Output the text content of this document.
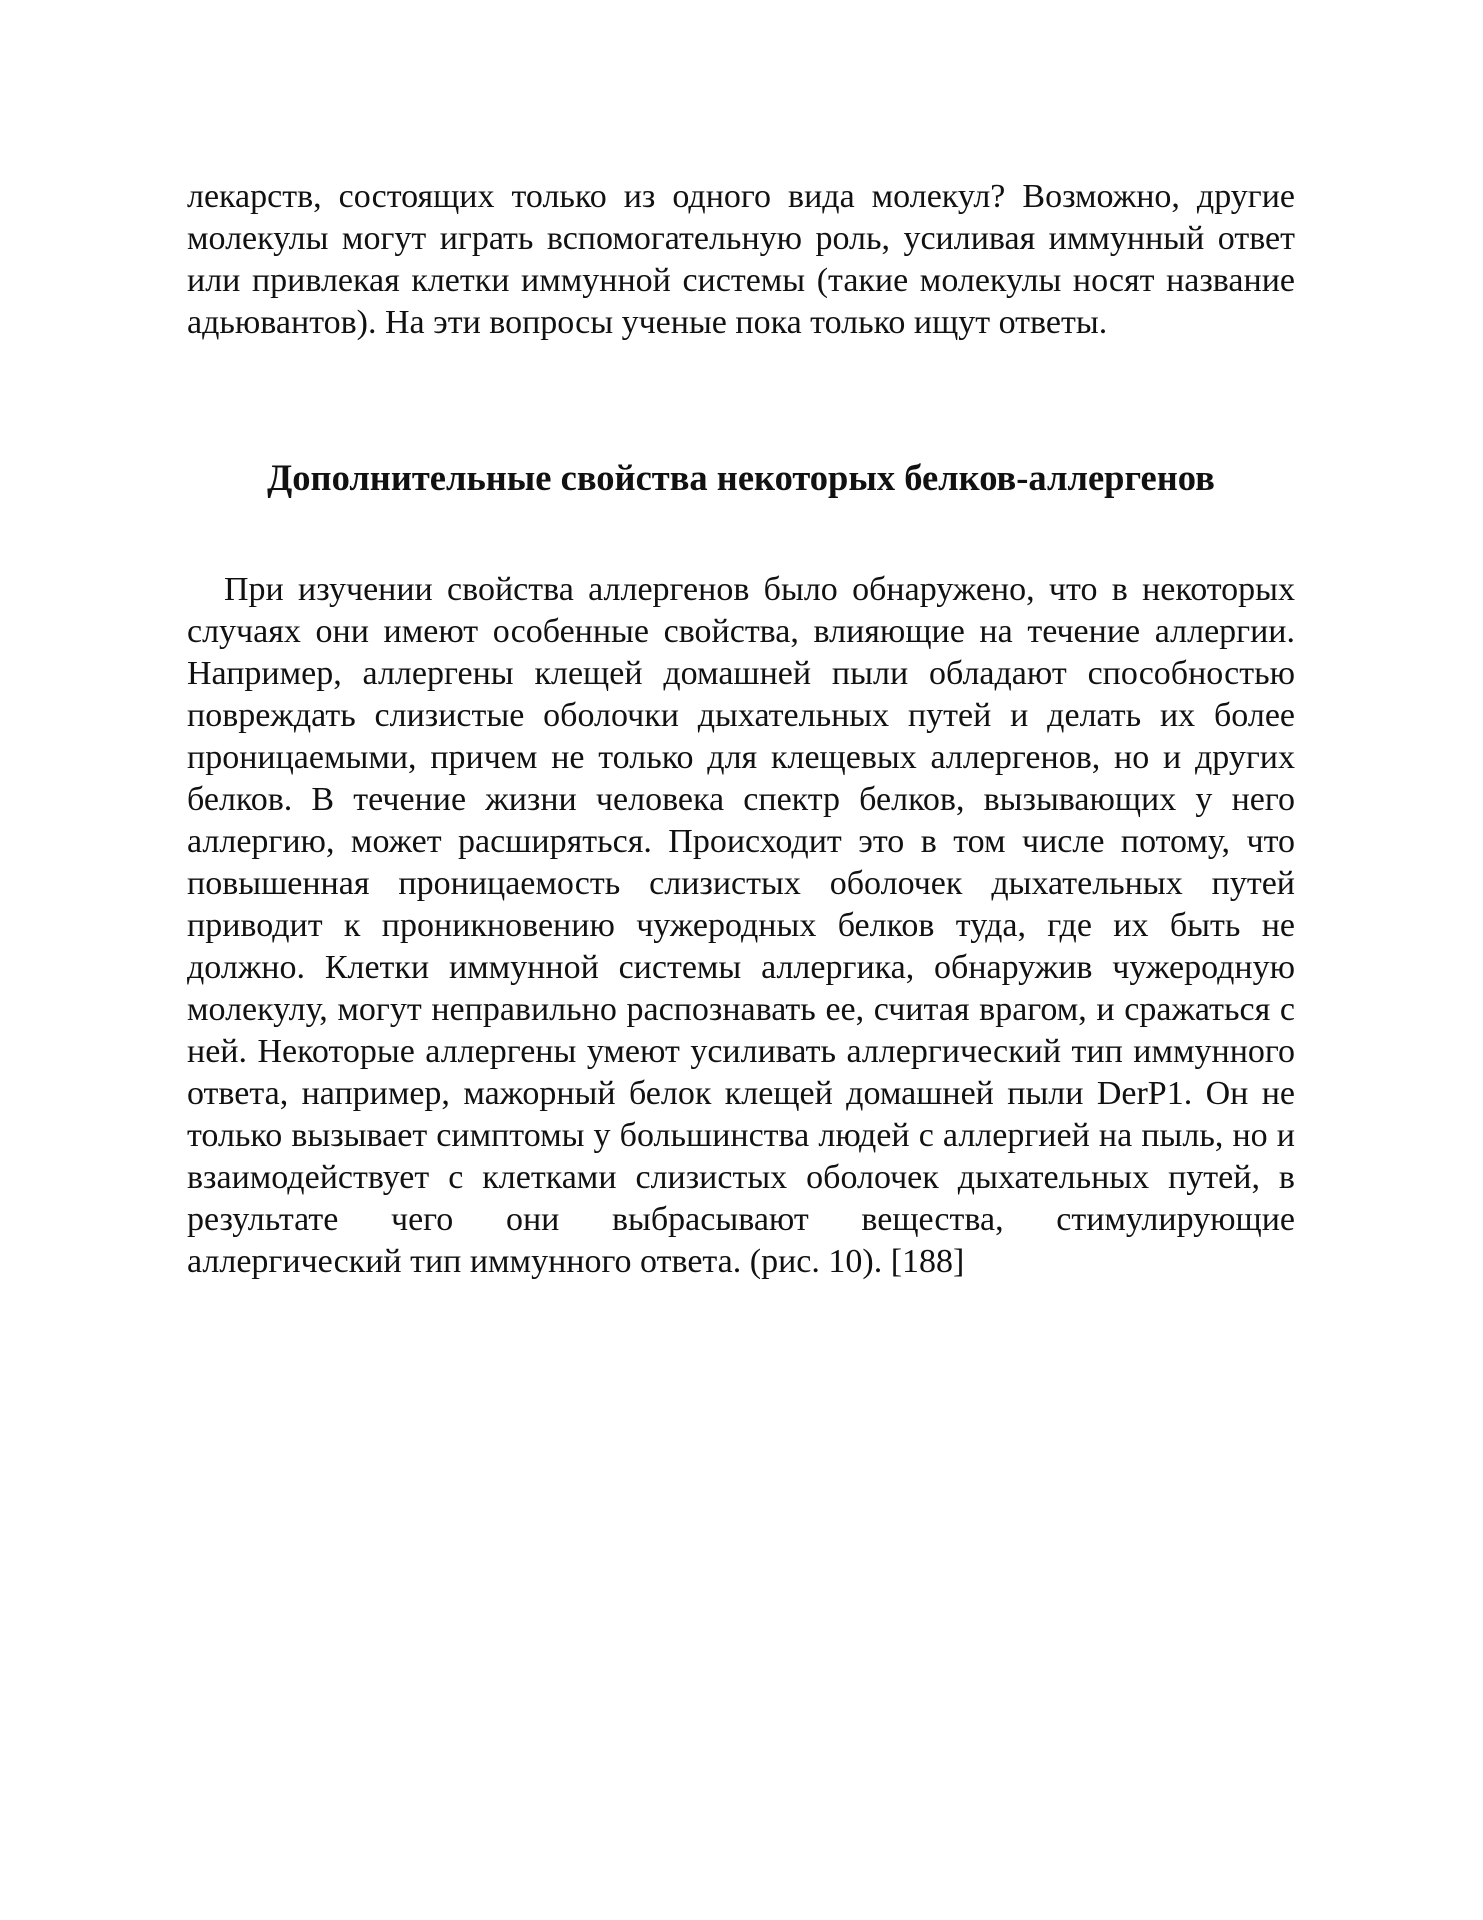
лекарств, состоящих только из одного вида молекул? Возможно, другие молекулы могут играть вспомогательную роль, усиливая иммунный ответ или привлекая клетки иммунной системы (такие молекулы носят название адьювантов). На эти вопросы ученые пока только ищут ответы.

Дополнительные свойства некоторых белков-аллергенов

При изучении свойства аллергенов было обнаружено, что в некоторых случаях они имеют особенные свойства, влияющие на течение аллергии. Например, аллергены клещей домашней пыли обладают способностью повреждать слизистые оболочки дыхательных путей и делать их более проницаемыми, причем не только для клещевых аллергенов, но и других белков. В течение жизни человека спектр белков, вызывающих у него аллергию, может расширяться. Происходит это в том числе потому, что повышенная проницаемость слизистых оболочек дыхательных путей приводит к проникновению чужеродных белков туда, где их быть не должно. Клетки иммунной системы аллергика, обнаружив чужеродную молекулу, могут неправильно распознавать ее, считая врагом, и сражаться с ней. Некоторые аллергены умеют усиливать аллергический тип иммунного ответа, например, мажорный белок клещей домашней пыли DerP1. Он не только вызывает симптомы у большинства людей с аллергией на пыль, но и взаимодействует с клетками слизистых оболочек дыхательных путей, в результате чего они выбрасывают вещества, стимулирующие аллергический тип иммунного ответа. (рис. 10). [188]
